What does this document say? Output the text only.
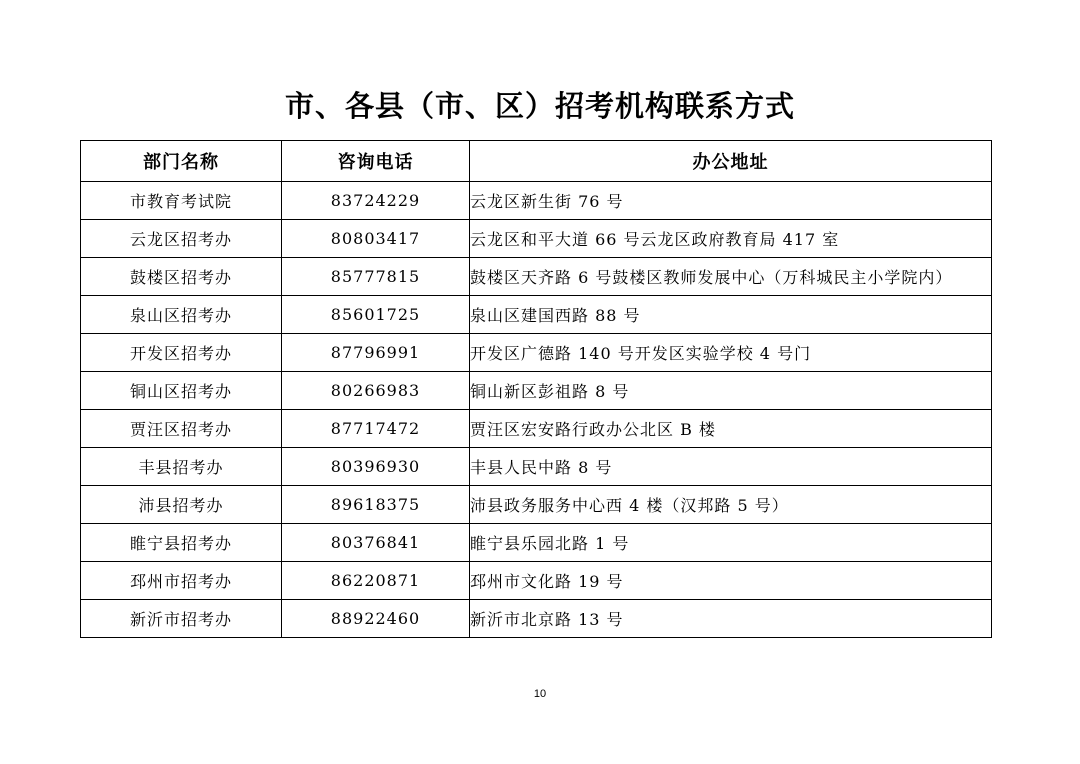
市、各县（市、区）招考机构联系方式
部门名称	咨询电话	办公地址
市教育考试院	83724229	云龙区新生街 76 号
云龙区招考办	80803417	云龙区和平大道 66 号云龙区政府教育局 417 室
鼓楼区招考办	85777815	鼓楼区天齐路 6 号鼓楼区教师发展中心（万科城民主小学院内）
泉山区招考办	85601725	泉山区建国西路 88 号
开发区招考办	87796991	开发区广德路 140 号开发区实验学校 4 号门
铜山区招考办	80266983	铜山新区彭祖路 8 号
贾汪区招考办	87717472	贾汪区宏安路行政办公北区 B 楼
丰县招考办	80396930	丰县人民中路 8 号
沛县招考办	89618375	沛县政务服务中心西 4 楼（汉邦路 5 号）
睢宁县招考办	80376841	睢宁县乐园北路 1 号
邳州市招考办	86220871	邳州市文化路 19 号
新沂市招考办	88922460	新沂市北京路 13 号
10
